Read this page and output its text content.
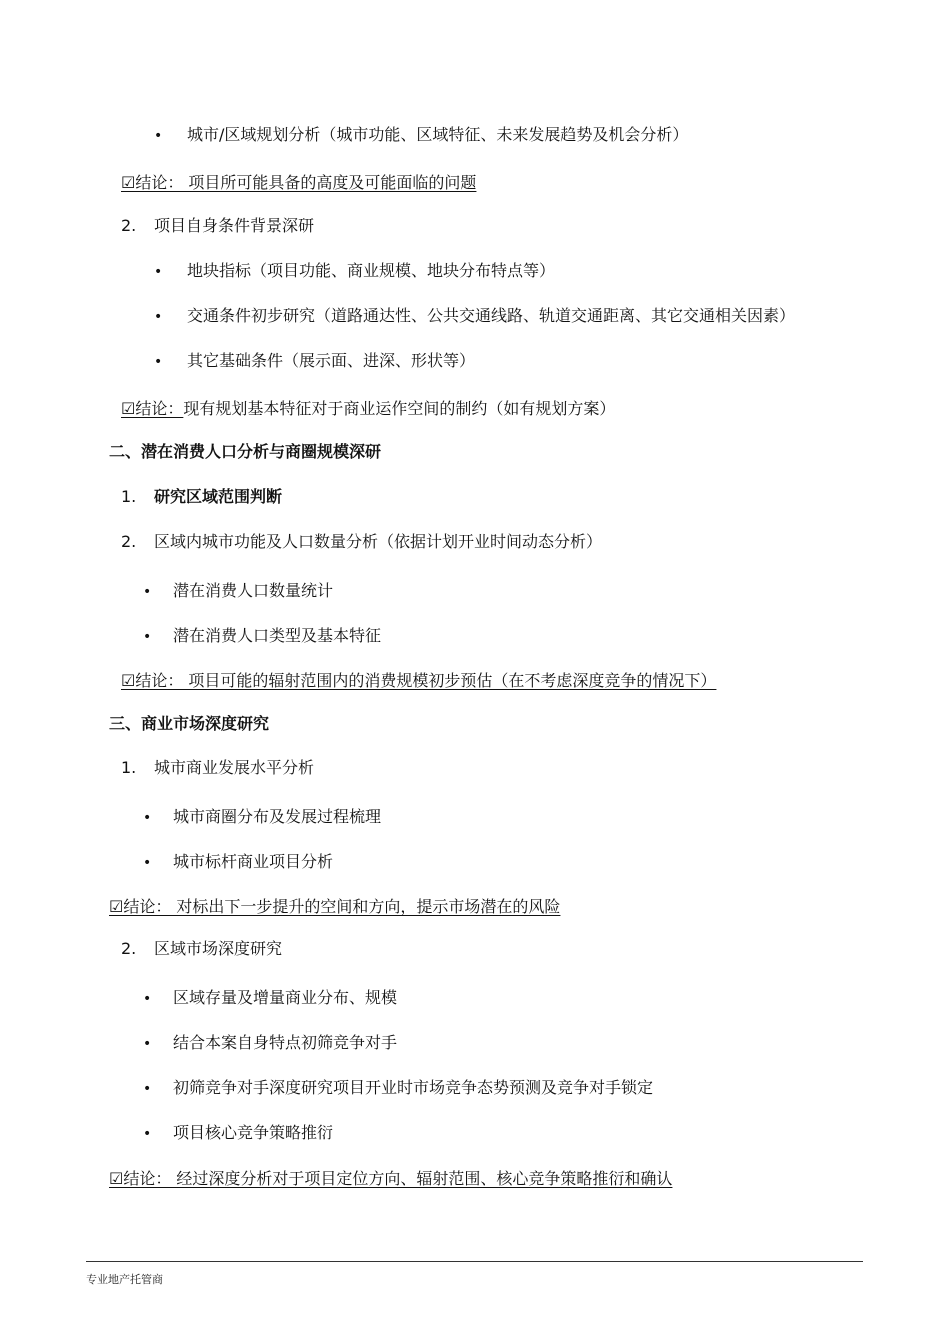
• 城市/区域规划分析（城市功能、区域特征、未来发展趋势及机会分析）
☑结论： 项目所可能具备的高度及可能面临的问题
2. 项目自身条件背景深研
• 地块指标（项目功能、商业规模、地块分布特点等）
• 交通条件初步研究（道路通达性、公共交通线路、轨道交通距离、其它交通相关因素）
• 其它基础条件（展示面、进深、形状等）
☑结论：现有规划基本特征对于商业运作空间的制约（如有规划方案）
二、潜在消费人口分析与商圈规模深研
1. 研究区域范围判断
2. 区域内城市功能及人口数量分析（依据计划开业时间动态分析）
• 潜在消费人口数量统计
• 潜在消费人口类型及基本特征
☑结论： 项目可能的辐射范围内的消费规模初步预估（在不考虑深度竞争的情况下）
三、商业市场深度研究
1. 城市商业发展水平分析
• 城市商圈分布及发展过程梳理
• 城市标杆商业项目分析
☑结论： 对标出下一步提升的空间和方向，提示市场潜在的风险
2. 区域市场深度研究
• 区域存量及增量商业分布、规模
• 结合本案自身特点初筛竞争对手
• 初筛竞争对手深度研究项目开业时市场竞争态势预测及竞争对手锁定
• 项目核心竞争策略推衍
☑结论： 经过深度分析对于项目定位方向、辐射范围、核心竞争策略推衍和确认
专业地产托管商
